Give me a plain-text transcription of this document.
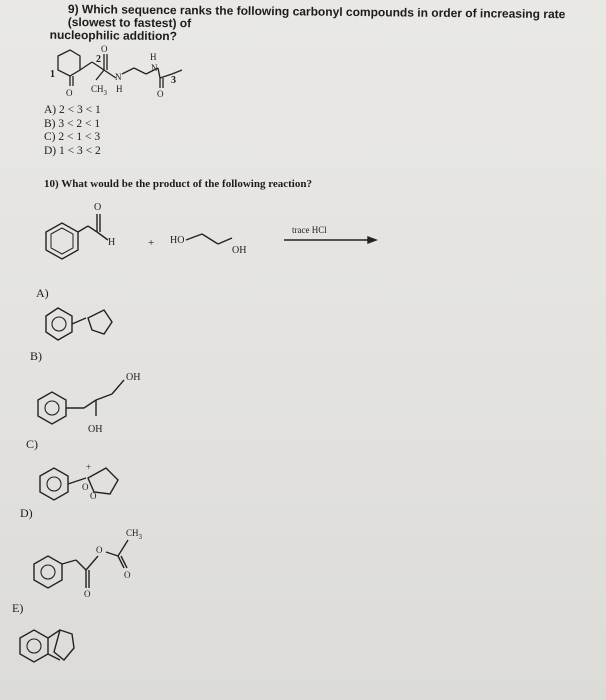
9) Which sequence ranks the following carbonyl compounds in order of increasing rate (slowest to fastest) of
nucleophilic addition?
A) 2 < 3 < 1
B) 3 < 2 < 1
C) 2 < 1 < 3
D) 1 < 3 < 2
10) What would be the product of the following reaction?
A)
B)
C)
D)
E)
1
O
2
O
$CH_3$
N
H
H
N
3
O
O
H	+ HO
OH
trace HCl
OH
OH
+
O
O
O
O
O
$CH_3$
